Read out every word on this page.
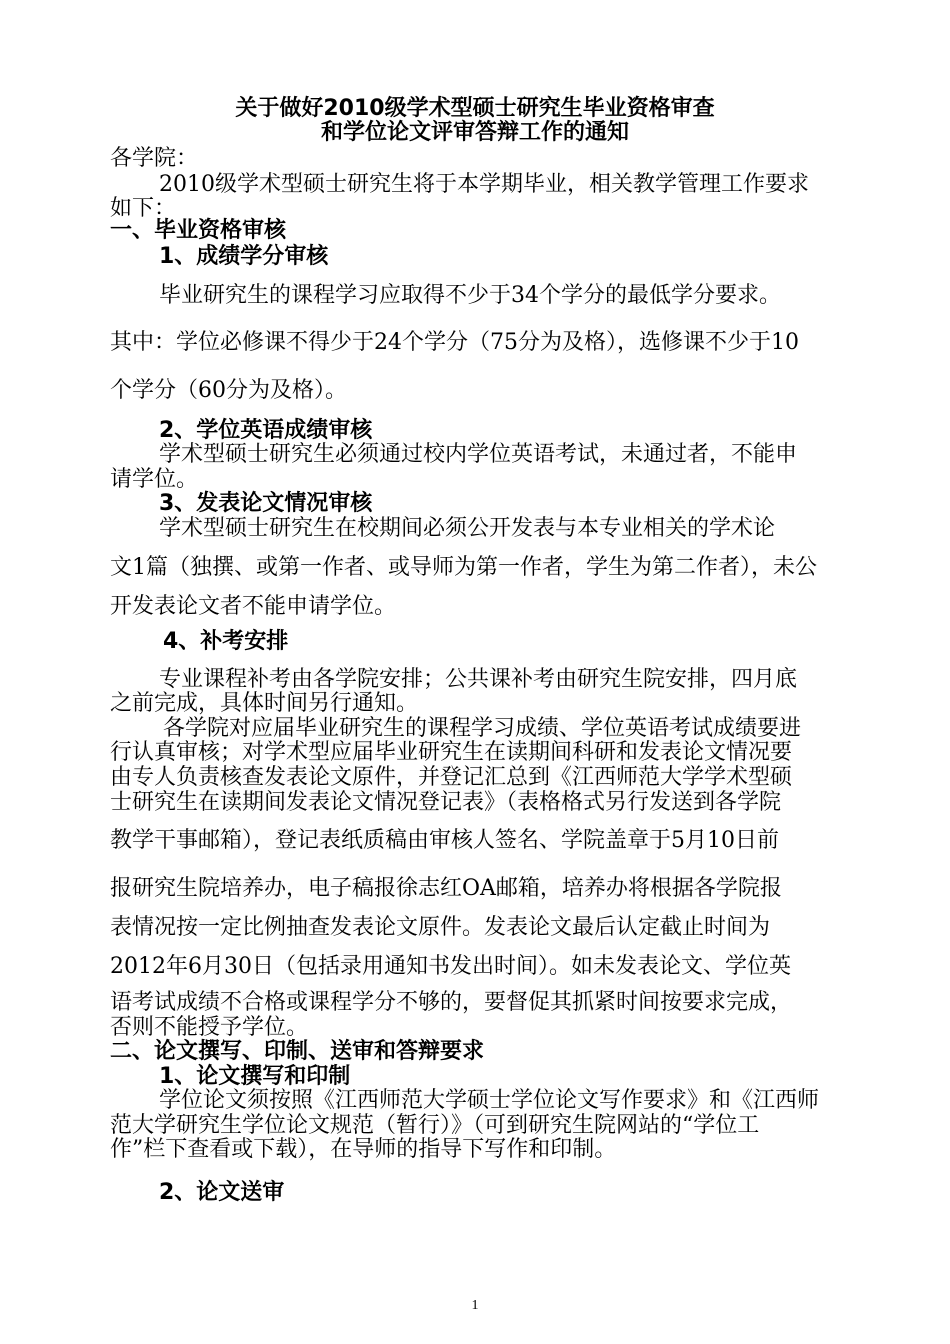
关于做好2010级学术型硕士研究生毕业资格审查
和学位论文评审答辩工作的通知
各学院：
2010级学术型硕士研究生将于本学期毕业，相关教学管理工作要求
如下：
一、毕业资格审核
1、成绩学分审核
毕业研究生的课程学习应取得不少于34个学分的最低学分要求。
其中：学位必修课不得少于24个学分（75分为及格），选修课不少于10
个学分（60分为及格）。
2、学位英语成绩审核
学术型硕士研究生必须通过校内学位英语考试，未通过者，不能申
请学位。
3、发表论文情况审核
学术型硕士研究生在校期间必须公开发表与本专业相关的学术论
文1篇（独撰、或第一作者、或导师为第一作者，学生为第二作者），未公
开发表论文者不能申请学位。
4、补考安排
专业课程补考由各学院安排；公共课补考由研究生院安排，四月底
之前完成，具体时间另行通知。
各学院对应届毕业研究生的课程学习成绩、学位英语考试成绩要进
行认真审核；对学术型应届毕业研究生在读期间科研和发表论文情况要
由专人负责核查发表论文原件，并登记汇总到《江西师范大学学术型硕
士研究生在读期间发表论文情况登记表》（表格格式另行发送到各学院
教学干事邮箱），登记表纸质稿由审核人签名、学院盖章于5月10日前
报研究生院培养办，电子稿报徐志红OA邮箱，培养办将根据各学院报
表情况按一定比例抽查发表论文原件。发表论文最后认定截止时间为
2012年6月30日（包括录用通知书发出时间）。如未发表论文、学位英
语考试成绩不合格或课程学分不够的，要督促其抓紧时间按要求完成，
否则不能授予学位。
二、论文撰写、印制、送审和答辩要求
1、论文撰写和印制
学位论文须按照《江西师范大学硕士学位论文写作要求》和《江西师
范大学研究生学位论文规范（暂行）》（可到研究生院网站的“学位工
作”栏下查看或下载），在导师的指导下写作和印制。
2、论文送审
1
